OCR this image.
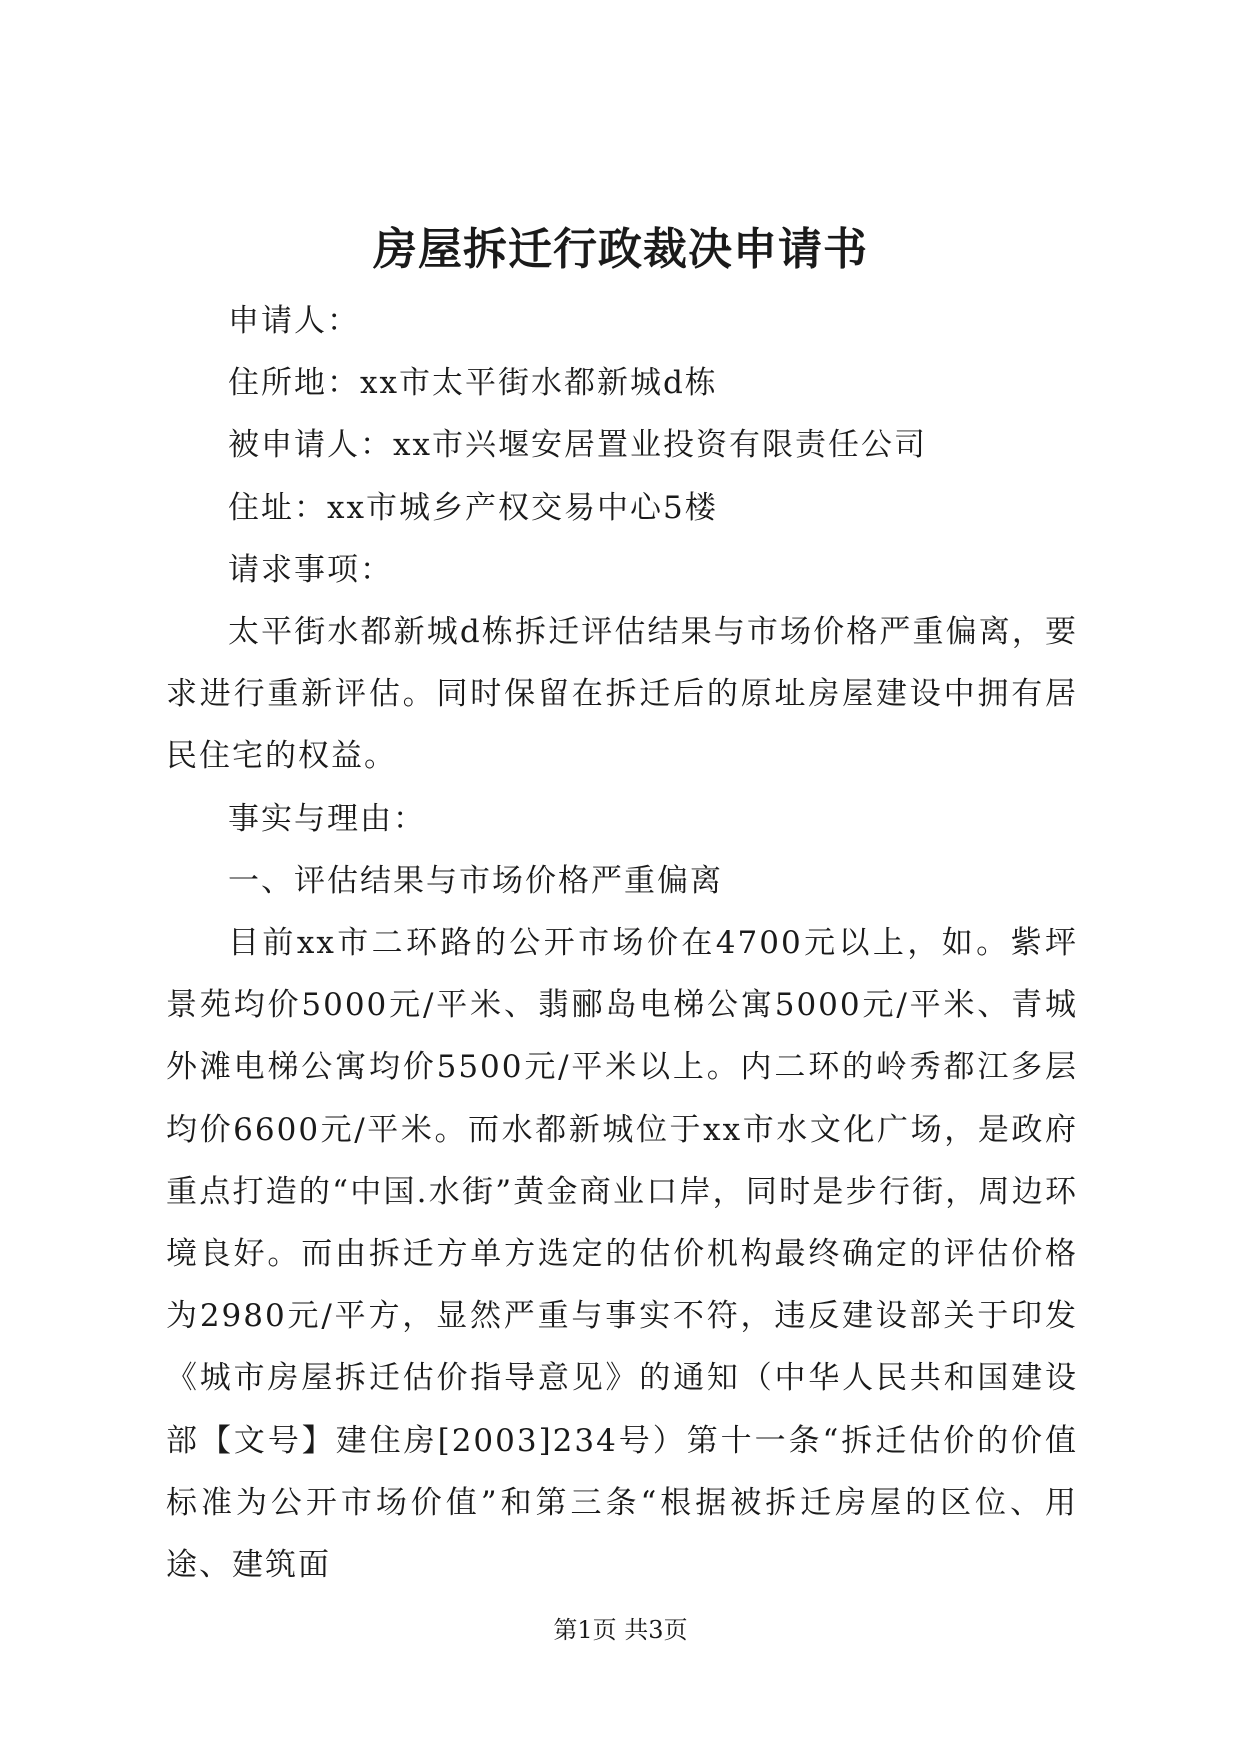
房屋拆迁行政裁决申请书

申请人：

住所地：xx市太平街水都新城d栋

被申请人：xx市兴堰安居置业投资有限责任公司

住址：xx市城乡产权交易中心5楼

请求事项：

太平街水都新城d栋拆迁评估结果与市场价格严重偏离，要求进行重新评估。同时保留在拆迁后的原址房屋建设中拥有居民住宅的权益。

事实与理由：

一、评估结果与市场价格严重偏离

目前xx市二环路的公开市场价在4700元以上，如。紫坪景苑均价5000元/平米、翡郦岛电梯公寓5000元/平米、青城外滩电梯公寓均价5500元/平米以上。内二环的岭秀都江多层均价6600元/平米。而水都新城位于xx市水文化广场，是政府重点打造的“中国.水街”黄金商业口岸，同时是步行街，周边环境良好。而由拆迁方单方选定的估价机构最终确定的评估价格为2980元/平方，显然严重与事实不符，违反建设部关于印发《城市房屋拆迁估价指导意见》的通知（中华人民共和国建设部【文号】建住房[2003]234号）第十一条“拆迁估价的价值标准为公开市场价值”和第三条“根据被拆迁房屋的区位、用途、建筑面

第1页 共3页
